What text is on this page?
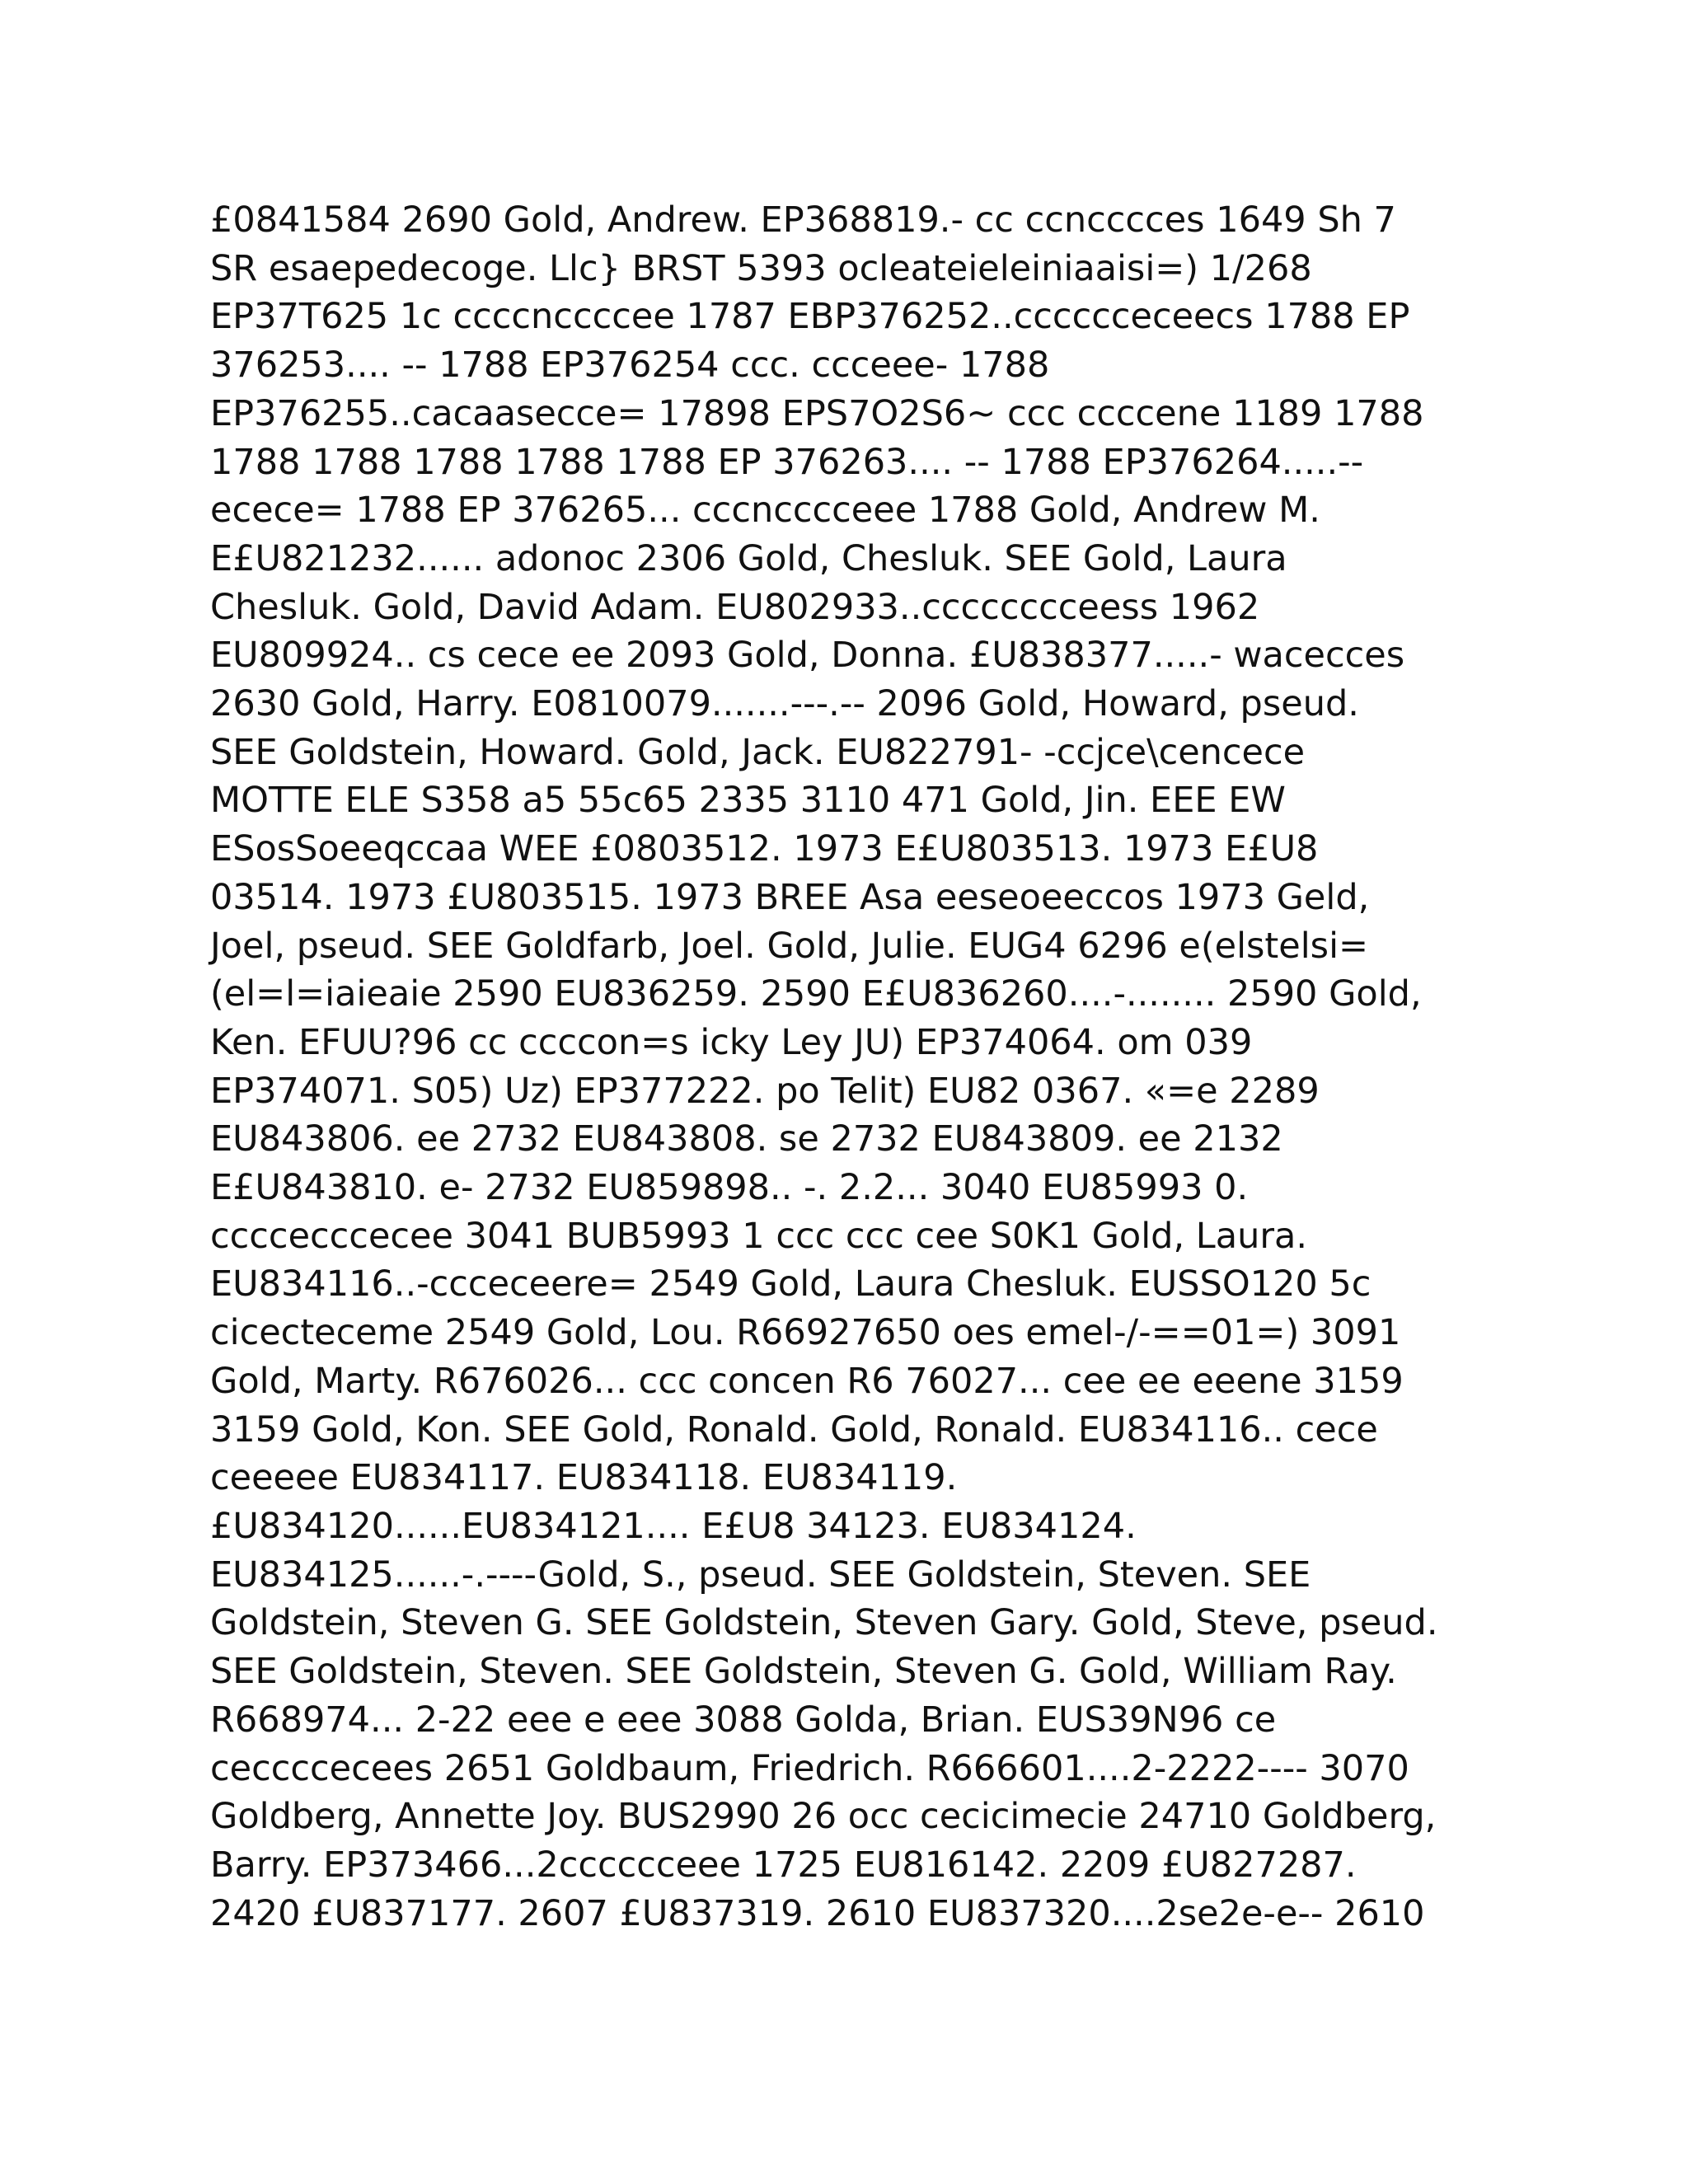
£0841584 2690 Gold, Andrew. EP368819.- cc ccncccces 1649 Sh 7
SR esaepedecoge. Llc} BRST 5393 ocleateieleiniaaisi=) 1/268
EP37T625 1c ccccnccccee 1787 EBP376252..cccccceceecs 1788 EP
376253.... -- 1788 EP376254 ccc. ccceee- 1788
EP376255..cacaasecce= 17898 EPS7O2S6~ ccc ccccene 1189 1788
1788 1788 1788 1788 1788 EP 376263.... -- 1788 EP376264.....--
ecece= 1788 EP 376265... cccncccceee 1788 Gold, Andrew M.
E£U821232...... adonoc 2306 Gold, Chesluk. SEE Gold, Laura
Chesluk. Gold, David Adam. EU802933..cccccccceess 1962
EU809924.. cs cece ee 2093 Gold, Donna. £U838377.....- wacecces
2630 Gold, Harry. E0810079.......---.-- 2096 Gold, Howard, pseud.
SEE Goldstein, Howard. Gold, Jack. EU822791- -ccjce\cencece
MOTTE ELE S358 a5 55c65 2335 3110 471 Gold, Jin. EEE EW
ESosSoeeqccaa WEE £0803512. 1973 E£U803513. 1973 E£U8
03514. 1973 £U803515. 1973 BREE Asa eeseoeeccos 1973 Geld,
Joel, pseud. SEE Goldfarb, Joel. Gold, Julie. EUG4 6296 e(elstelsi=
(el=l=iaieaie 2590 EU836259. 2590 E£U836260....-........ 2590 Gold,
Ken. EFUU?96 cc ccccon=s icky Ley JU) EP374064. om 039
EP374071. S05) Uz) EP377222. po Telit) EU82 0367. «=e 2289
EU843806. ee 2732 EU843808. se 2732 EU843809. ee 2132
E£U843810. e- 2732 EU859898.. -. 2.2... 3040 EU85993 0.
ccccecccecee 3041 BUB5993 1 ccc ccc cee S0K1 Gold, Laura.
EU834116..-ccceceere= 2549 Gold, Laura Chesluk. EUSSO120 5c
cicecteceme 2549 Gold, Lou. R66927650 oes emel-/-==01=) 3091
Gold, Marty. R676026... ccc concen R6 76027... cee ee eeene 3159
3159 Gold, Kon. SEE Gold, Ronald. Gold, Ronald. EU834116.. cece
ceeeee EU834117. EU834118. EU834119.
£U834120......EU834121.... E£U8 34123. EU834124.
EU834125......-.----Gold, S., pseud. SEE Goldstein, Steven. SEE
Goldstein, Steven G. SEE Goldstein, Steven Gary. Gold, Steve, pseud.
SEE Goldstein, Steven. SEE Goldstein, Steven G. Gold, William Ray.
R668974... 2-22 eee e eee 3088 Golda, Brian. EUS39N96 ce
ceccccecees 2651 Goldbaum, Friedrich. R666601....2-2222---- 3070
Goldberg, Annette Joy. BUS2990 26 occ cecicimecie 24710 Goldberg,
Barry. EP373466...2cccccceee 1725 EU816142. 2209 £U827287.
2420 £U837177. 2607 £U837319. 2610 EU837320....2se2e-e-- 2610
